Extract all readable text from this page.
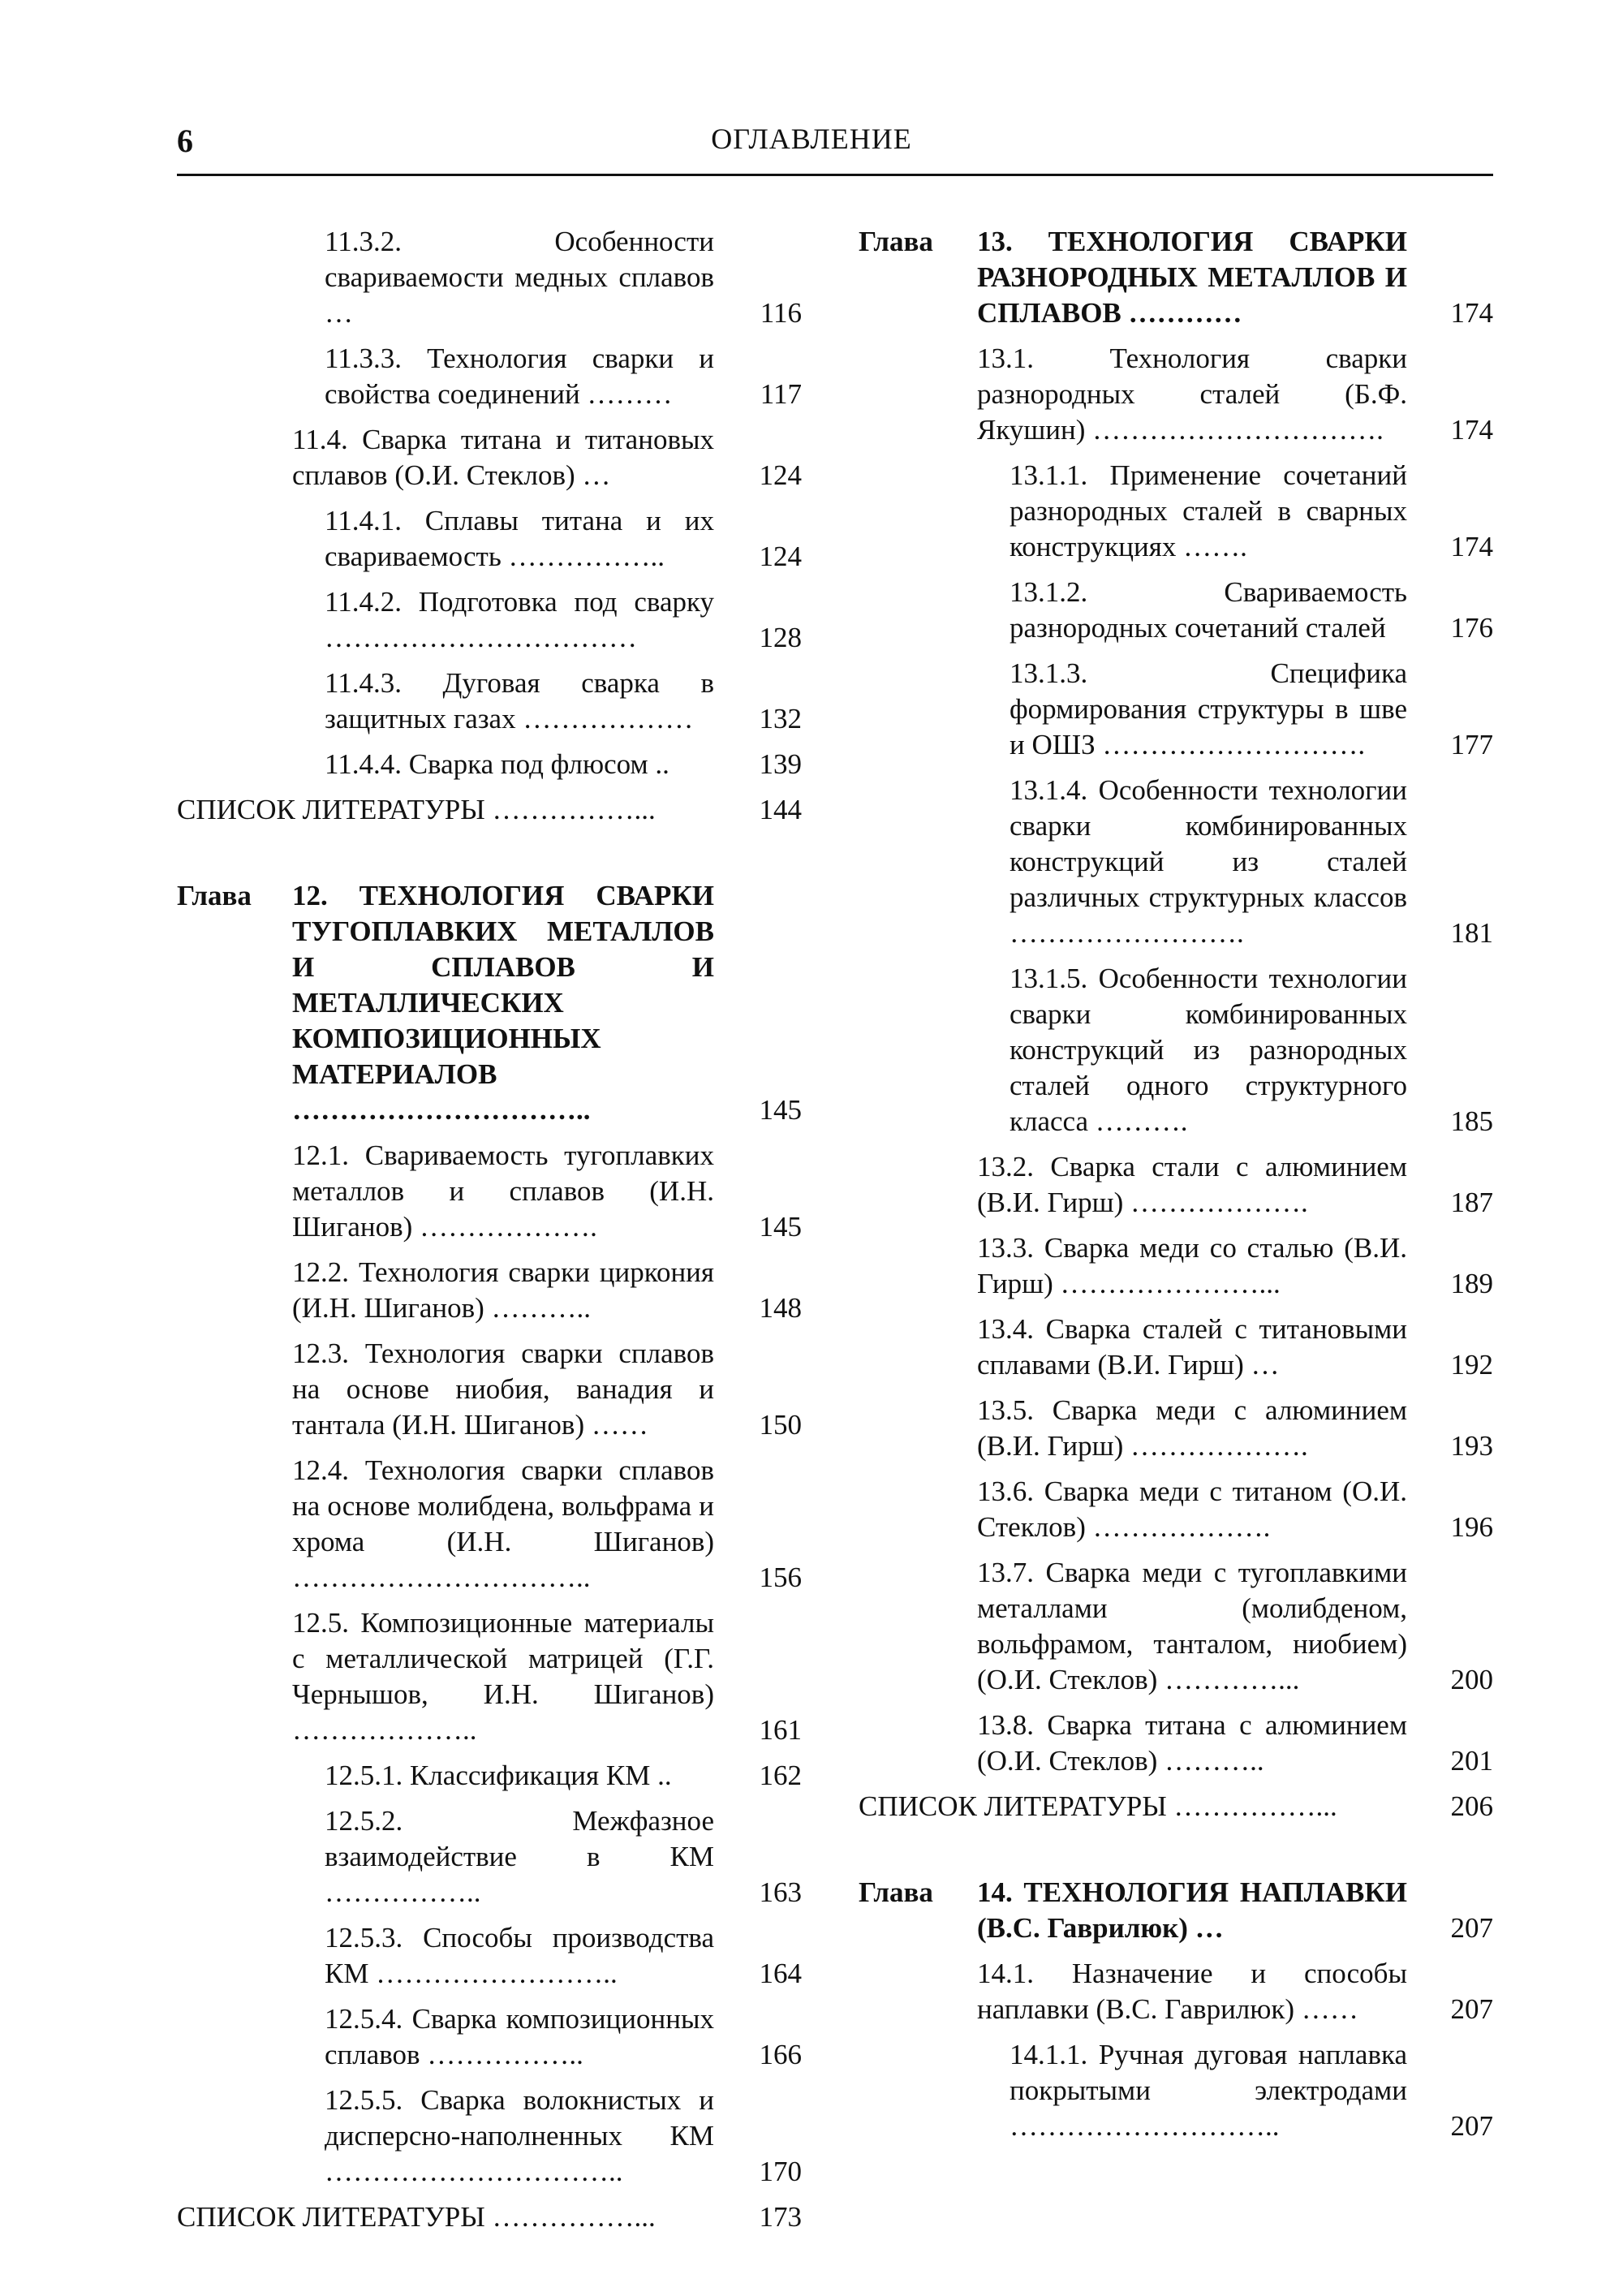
6	ОГЛАВЛЕНИЕ
11.3.2. Особенности свариваемости медных сплавов …	116
11.3.3. Технология сварки и свойства соединений ………	117
11.4. Сварка титана и титановых сплавов (О.И. Стеклов) …	124
11.4.1. Сплавы титана и их свариваемость ……………..	124
11.4.2. Подготовка под сварку ……………………………	128
11.4.3. Дуговая сварка в защитных газах ………………	132
11.4.4. Сварка под флюсом ..	139
СПИСОК ЛИТЕРАТУРЫ ……………...	144
Глава	12. ТЕХНОЛОГИЯ СВАРКИ ТУГОПЛАВКИХ МЕТАЛЛОВ И СПЛАВОВ И МЕТАЛЛИЧЕСКИХ КОМПОЗИЦИОННЫХ МАТЕРИАЛОВ …………………………..	145
12.1. Свариваемость тугоплавких металлов и сплавов (И.Н. Шиганов) ……………….	145
12.2. Технология сварки циркония (И.Н. Шиганов) ………..	148
12.3. Технология сварки сплавов на основе ниобия, ванадия и тантала (И.Н. Шиганов) ……	150
12.4. Технология сварки сплавов на основе молибдена, вольфрама и хрома (И.Н. Шиганов) …………………………..	156
12.5. Композиционные материалы с металлической матрицей (Г.Г. Чернышов, И.Н. Шиганов) ………………..	161
12.5.1. Классификация КМ ..	162
12.5.2. Межфазное взаимодействие в КМ ……………..	163
12.5.3. Способы производства КМ ……………………..	164
12.5.4. Сварка композиционных сплавов ……………..	166
12.5.5. Сварка волокнистых и дисперсно-наполненных КМ …………………………..	170
СПИСОК ЛИТЕРАТУРЫ ……………...	173
Глава	13. ТЕХНОЛОГИЯ СВАРКИ РАЗНОРОДНЫХ МЕТАЛЛОВ И СПЛАВОВ …………	174
13.1. Технология сварки разнородных сталей (Б.Ф. Якушин) ………………………….	174
13.1.1. Применение сочетаний разнородных сталей в сварных конструкциях …….	174
13.1.2. Свариваемость разнородных сочетаний сталей	176
13.1.3. Специфика формирования структуры в шве и ОШЗ ……………………….	177
13.1.4. Особенности технологии сварки комбинированных конструкций из сталей различных структурных классов …………………….	181
13.1.5. Особенности технологии сварки комбинированных конструкций из разнородных сталей одного структурного класса ……….	185
13.2. Сварка стали с алюминием (В.И. Гирш) ……………….	187
13.3. Сварка меди со сталью (В.И. Гирш) …………………...	189
13.4. Сварка сталей с титановыми сплавами (В.И. Гирш) …	192
13.5. Сварка меди с алюминием (В.И. Гирш) ……………….	193
13.6. Сварка меди с титаном (О.И. Стеклов) ……………….	196
13.7. Сварка меди с тугоплавкими металлами (молибденом, вольфрамом, танталом, ниобием) (О.И. Стеклов) …………...	200
13.8. Сварка титана с алюминием (О.И. Стеклов) ………..	201
СПИСОК ЛИТЕРАТУРЫ ……………...	206
Глава	14. ТЕХНОЛОГИЯ НАПЛАВКИ (В.С. Гаврилюк) …	207
14.1. Назначение и способы наплавки (В.С. Гаврилюк) ……	207
14.1.1. Ручная дуговая наплавка покрытыми электродами ………………………..	207
